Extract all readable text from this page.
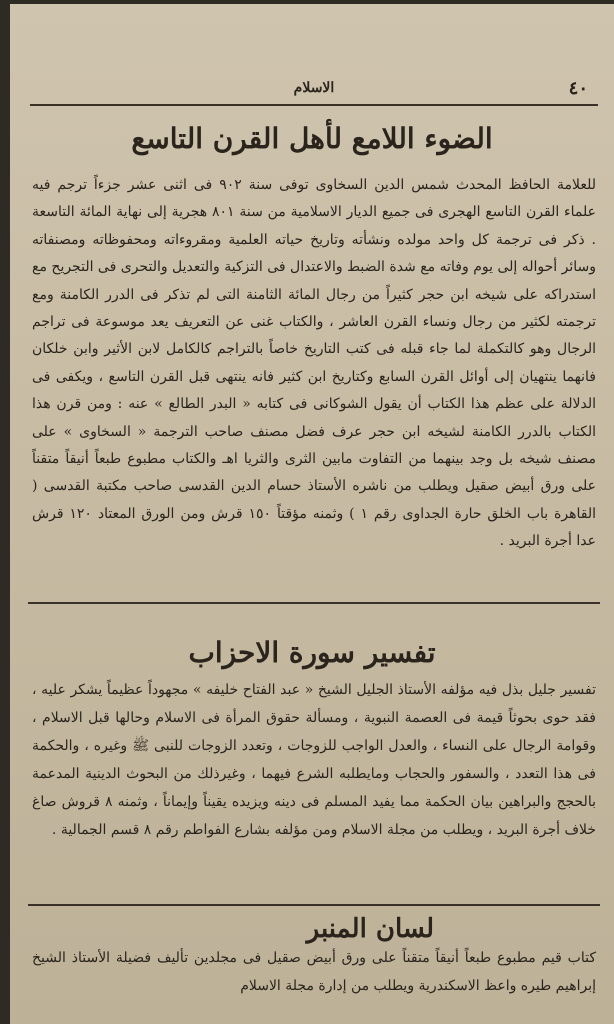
الاسلام	٤٠
الضوء اللامع لأهل القرن التاسع

للعلامة الحافظ المحدث شمس الدين السخاوى توفى سنة ٩٠٢ فى اثنى عشر جزءاً ترجم فيه علماء القرن التاسع الهجرى فى جميع الديار الاسلامية من سنة ٨٠١ هجرية إلى نهاية المائة التاسعة . ذكر فى ترجمة كل واحد مولده ونشأته وتاريخ حياته العلمية ومقروءاته ومحفوظاته ومصنفاته وسائر أحواله إلى يوم وفاته مع شدة الضبط والاعتدال فى التزكية والتعديل والتحرى فى التجريح مع استدراكه على شيخه ابن حجر كثيراً من رجال المائة الثامنة التى لم تذكر فى الدرر الكامنة ومع ترجمته لكثير من رجال ونساء القرن العاشر ، والكتاب غنى عن التعريف يعد موسوعة فى تراجم الرجال وهو كالتكملة لما جاء قبله فى كتب التاريخ خاصاً بالتراجم كالكامل لابن الأثير وابن خلكان فانهما ينتهيان إلى أوائل القرن السابع وكتاريخ ابن كثير فانه ينتهى قبل القرن التاسع ، ويكفى فى الدلالة على عظم هذا الكتاب أن يقول الشوكانى فى كتابه « البدر الطالع » عنه : ومن قرن هذا الكتاب بالدرر الكامنة لشيخه ابن حجر عرف فضل مصنف صاحب الترجمة « السخاوى » على مصنف شيخه بل وجد بينهما من التفاوت مابين الثرى والثريا اهـ والكتاب مطبوع طبعاً أنيقاً متقناً على ورق أبيض صقيل ويطلب من ناشره الأستاذ حسام الدين القدسى صاحب مكتبة القدسى ( القاهرة باب الخلق حارة الجداوى رقم ١ ) وثمنه مؤقتاً ١٥٠ قرش ومن الورق المعتاد ١٢٠ قرش عدا أجرة البريد .

تفسير سورة الاحزاب

تفسير جليل بذل فيه مؤلفه الأستاذ الجليل الشيخ « عبد الفتاح خليفه » مجهوداً عظيماً يشكر عليه ، فقد حوى بحوثاً قيمة فى العصمة النبوية ، ومسألة حقوق المرأة فى الاسلام وحالها قبل الاسلام ، وقوامة الرجال على النساء ، والعدل الواجب للزوجات ، وتعدد الزوجات للنبى ﷺ وغيره ، والحكمة فى هذا التعدد ، والسفور والحجاب ومايطلبه الشرع فيهما ، وغيرذلك من البحوث الدينية المدعمة بالحجج والبراهين بيان الحكمة مما يفيد المسلم فى دينه ويزيده يقيناً وإيماناً ، وثمنه ٨ قروش صاغ خلاف أجرة البريد ، ويطلب من مجلة الاسلام ومن مؤلفه بشارع الفواطم رقم ٨ قسم الجمالية .

لسان المنبر

كتاب قيم مطبوع طبعاً أنيقاً متقناً على ورق أبيض صقيل فى مجلدين تأليف فضيلة الأستاذ الشيخ إبراهيم طيره واعظ الاسكندرية ويطلب من إدارة مجلة الاسلام
